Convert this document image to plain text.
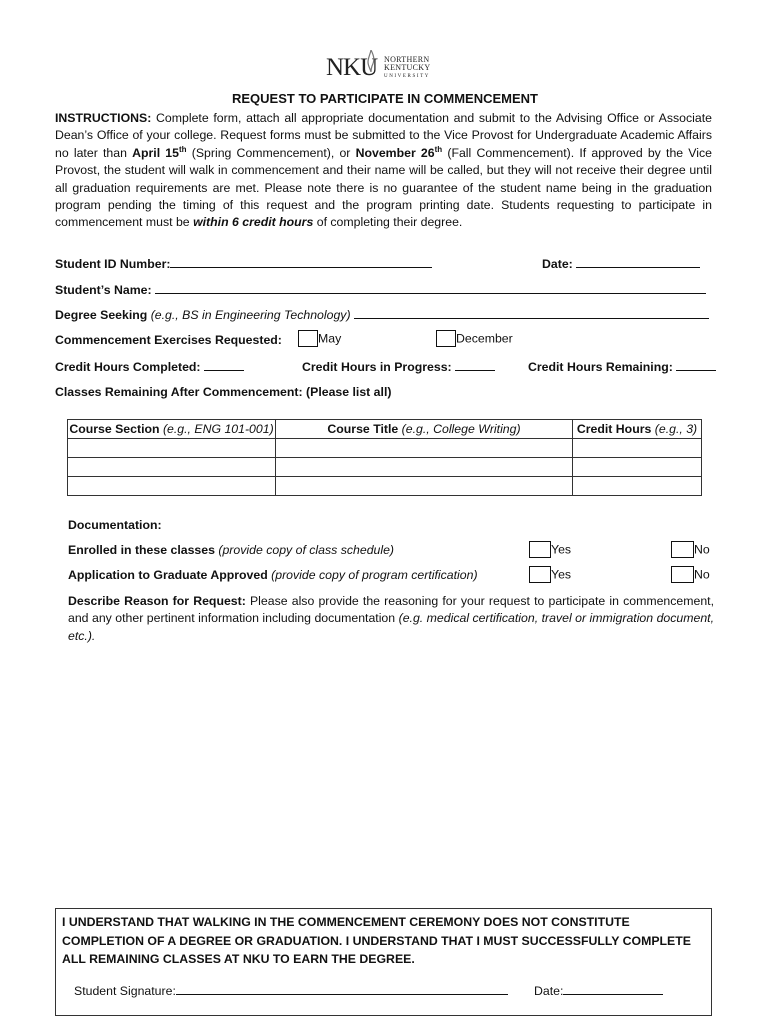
NKU NORTHERN
KENTUCKY
UNIVERSITY
REQUEST TO PARTICIPATE IN COMMENCEMENT
INSTRUCTIONS: Complete form, attach all appropriate documentation and submit to the Advising Office or Associate Dean’s Office of your college. Request forms must be submitted to the Vice Provost for Undergraduate Academic Affairs no later than April 15th (Spring Commencement), or November 26th (Fall Commencement). If approved by the Vice Provost, the student will walk in commencement and their name will be called, but they will not receive their degree until all graduation requirements are met. Please note there is no guarantee of the student name being in the graduation program pending the timing of this request and the program printing date. Students requesting to participate in commencement must be within 6 credit hours of completing their degree.
Student ID Number:	Date:
Student’s Name:
Degree Seeking (e.g., BS in Engineering Technology)
Commencement Exercises Requested:	May	December
Credit Hours Completed:	Credit Hours in Progress:	Credit Hours Remaining:
Classes Remaining After Commencement: (Please list all)
Course Section (e.g., ENG 101-001)	Course Title (e.g., College Writing)	Credit Hours (e.g., 3)

Documentation:
Enrolled in these classes (provide copy of class schedule)	Yes	No
Application to Graduate Approved (provide copy of program certification)	Yes	No
Describe Reason for Request: Please also provide the reasoning for your request to participate in commencement, and any other pertinent information including documentation (e.g. medical certification, travel or immigration document, etc.).
I UNDERSTAND THAT WALKING IN THE COMMENCEMENT CEREMONY DOES NOT CONSTITUTE COMPLETION OF A DEGREE OR GRADUATION. I UNDERSTAND THAT I MUST SUCCESSFULLY COMPLETE ALL REMAINING CLASSES AT NKU TO EARN THE DEGREE.
Student Signature:	Date:
